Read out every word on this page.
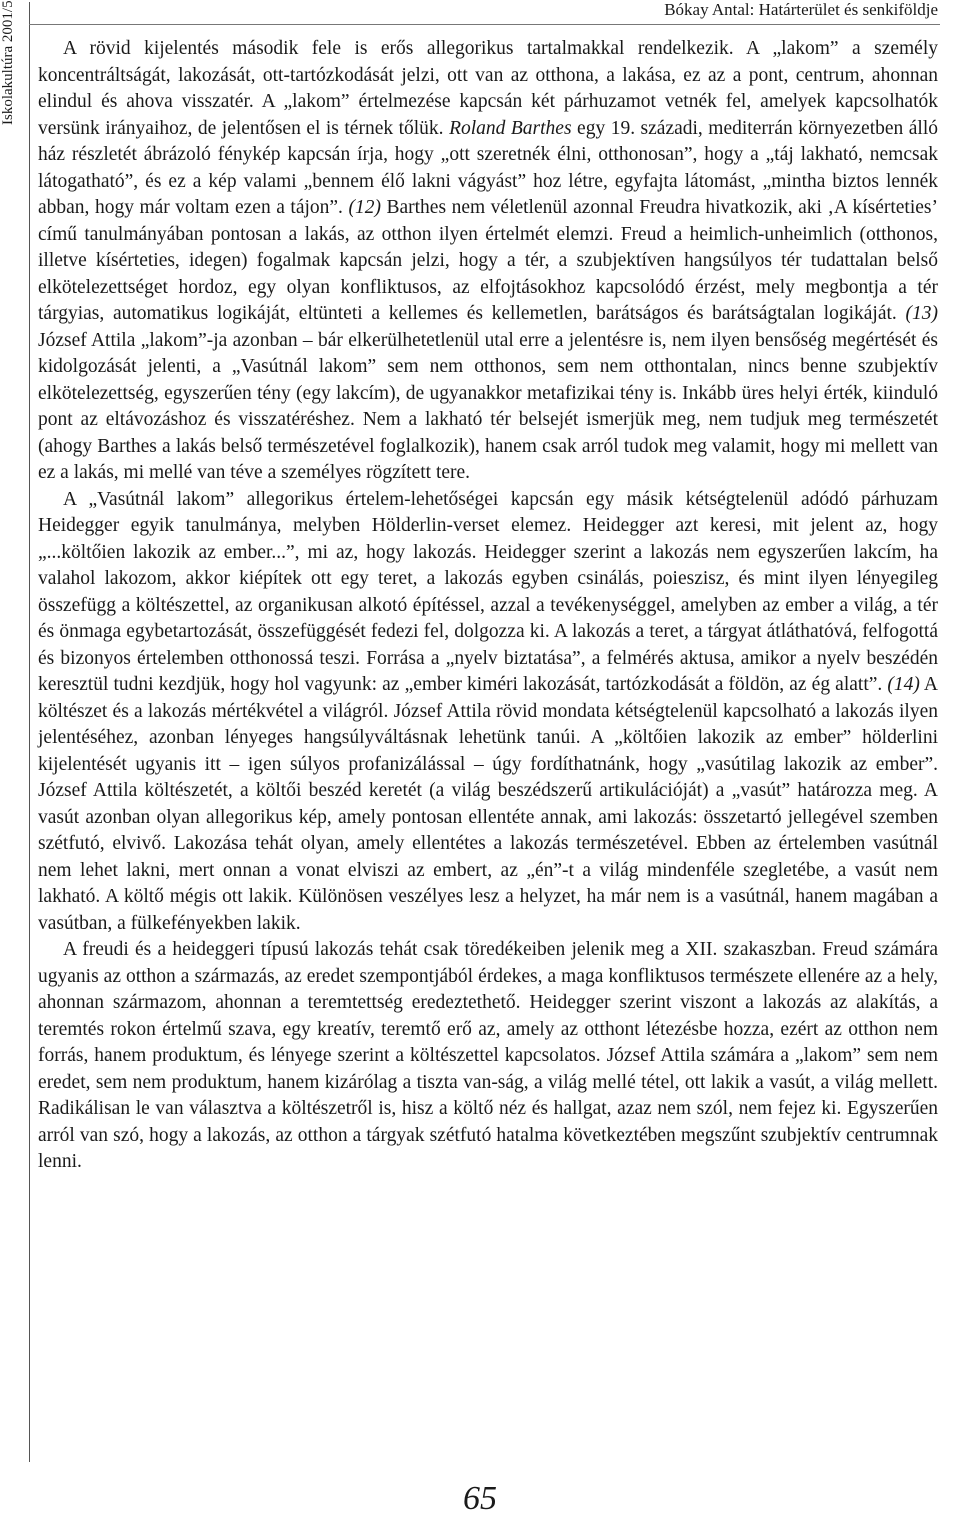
Iskolakultúra 2001/5	Bókay Antal: Határterület és senkiföldje

A rövid kijelentés második fele is erős allegorikus tartalmakkal rendelkezik. A „lakom” a személy koncentráltságát, lakozását, ott-tartózkodását jelzi, ott van az otthona, a lakása, ez az a pont, centrum, ahonnan elindul és ahova visszatér. A „lakom” értelmezése kapcsán két párhuzamot vetnék fel, amelyek kapcsolhatók versünk irányaihoz, de jelentősen el is térnek tőlük. Roland Barthes egy 19. századi, mediterrán környezetben álló ház részletét ábrázoló fénykép kapcsán írja, hogy „ott szeretnék élni, otthonosan”, hogy a „táj lakható, nemcsak látogatható”, és ez a kép valami „bennem élő lakni vágyást” hoz létre, egyfajta látomást, „mintha biztos lennék abban, hogy már voltam ezen a tájon”. (12) Barthes nem véletlenül azonnal Freudra hivatkozik, aki ‚A kísérteties’ című tanulmányában pontosan a lakás, az otthon ilyen értelmét elemzi. Freud a heimlich-unheimlich (otthonos, illetve kísérteties, idegen) fogalmak kapcsán jelzi, hogy a tér, a szubjektíven hangsúlyos tér tudattalan belső elkötelezettséget hordoz, egy olyan konfliktusos, az elfojtásokhoz kapcsolódó érzést, mely megbontja a tér tárgyias, automatikus logikáját, eltünteti a kellemes és kellemetlen, barátságos és barátságtalan logikáját. (13) József Attila „lakom”-ja azonban – bár elkerülhetetlenül utal erre a jelentésre is, nem ilyen bensőség megértését és kidolgozását jelenti, a „Vasútnál lakom” sem nem otthonos, sem nem otthontalan, nincs benne szubjektív elkötelezettség, egyszerűen tény (egy lakcím), de ugyanakkor metafizikai tény is. Inkább üres helyi érték, kiinduló pont az eltávozáshoz és visszatéréshez. Nem a lakható tér belsejét ismerjük meg, nem tudjuk meg természetét (ahogy Barthes a lakás belső természetével foglalkozik), hanem csak arról tudok meg valamit, hogy mi mellett van ez a lakás, mi mellé van téve a személyes rögzített tere.

A „Vasútnál lakom” allegorikus értelem-lehetőségei kapcsán egy másik kétségtelenül adódó párhuzam Heidegger egyik tanulmánya, melyben Hölderlin-verset elemez. Heidegger azt keresi, mit jelent az, hogy „...költőien lakozik az ember...”, mi az, hogy lakozás. Heidegger szerint a lakozás nem egyszerűen lakcím, ha valahol lakozom, akkor kiépítek ott egy teret, a lakozás egyben csinálás, poieszisz, és mint ilyen lényegileg összefügg a költészettel, az organikusan alkotó építéssel, azzal a tevékenységgel, amelyben az ember a világ, a tér és önmaga egybetartozását, összefüggését fedezi fel, dolgozza ki. A lakozás a teret, a tárgyat átláthatóvá, felfogottá és bizonyos értelemben otthonossá teszi. Forrása a „nyelv biztatása”, a felmérés aktusa, amikor a nyelv beszédén keresztül tudni kezdjük, hogy hol vagyunk: az „ember kiméri lakozását, tartózkodását a földön, az ég alatt”. (14) A költészet és a lakozás mértékvétel a világról. József Attila rövid mondata kétségtelenül kapcsolható a lakozás ilyen jelentéséhez, azonban lényeges hangsúlyváltásnak lehetünk tanúi. A „költőien lakozik az ember” hölderlini kijelentését ugyanis itt – igen súlyos profanizálással – úgy fordíthatnánk, hogy „vasútilag lakozik az ember”. József Attila költészetét, a költői beszéd keretét (a világ beszédszerű artikulációját) a „vasút” határozza meg. A vasút azonban olyan allegorikus kép, amely pontosan ellentéte annak, ami lakozás: összetartó jellegével szemben szétfutó, elvivő. Lakozása tehát olyan, amely ellentétes a lakozás természetével. Ebben az értelemben vasútnál nem lehet lakni, mert onnan a vonat elviszi az embert, az „én”-t a világ mindenféle szegletébe, a vasút nem lakható. A költő mégis ott lakik. Különösen veszélyes lesz a helyzet, ha már nem is a vasútnál, hanem magában a vasútban, a fülkefényekben lakik.

A freudi és a heideggeri típusú lakozás tehát csak töredékeiben jelenik meg a XII. szakaszban. Freud számára ugyanis az otthon a származás, az eredet szempontjából érdekes, a maga konfliktusos természete ellenére az a hely, ahonnan származom, ahonnan a teremtettség eredeztethető. Heidegger szerint viszont a lakozás az alakítás, a teremtés rokon értelmű szava, egy kreatív, teremtő erő az, amely az otthont létezésbe hozza, ezért az otthon nem forrás, hanem produktum, és lényege szerint a költészettel kapcsolatos. József Attila számára a „lakom” sem nem eredet, sem nem produktum, hanem kizárólag a tiszta van-ság, a világ mellé tétel, ott lakik a vasút, a világ mellett. Radikálisan le van választva a költészetről is, hisz a költő néz és hallgat, azaz nem szól, nem fejez ki. Egyszerűen arról van szó, hogy a lakozás, az otthon a tárgyak szétfutó hatalma következtében megszűnt szubjektív centrumnak lenni.

65
